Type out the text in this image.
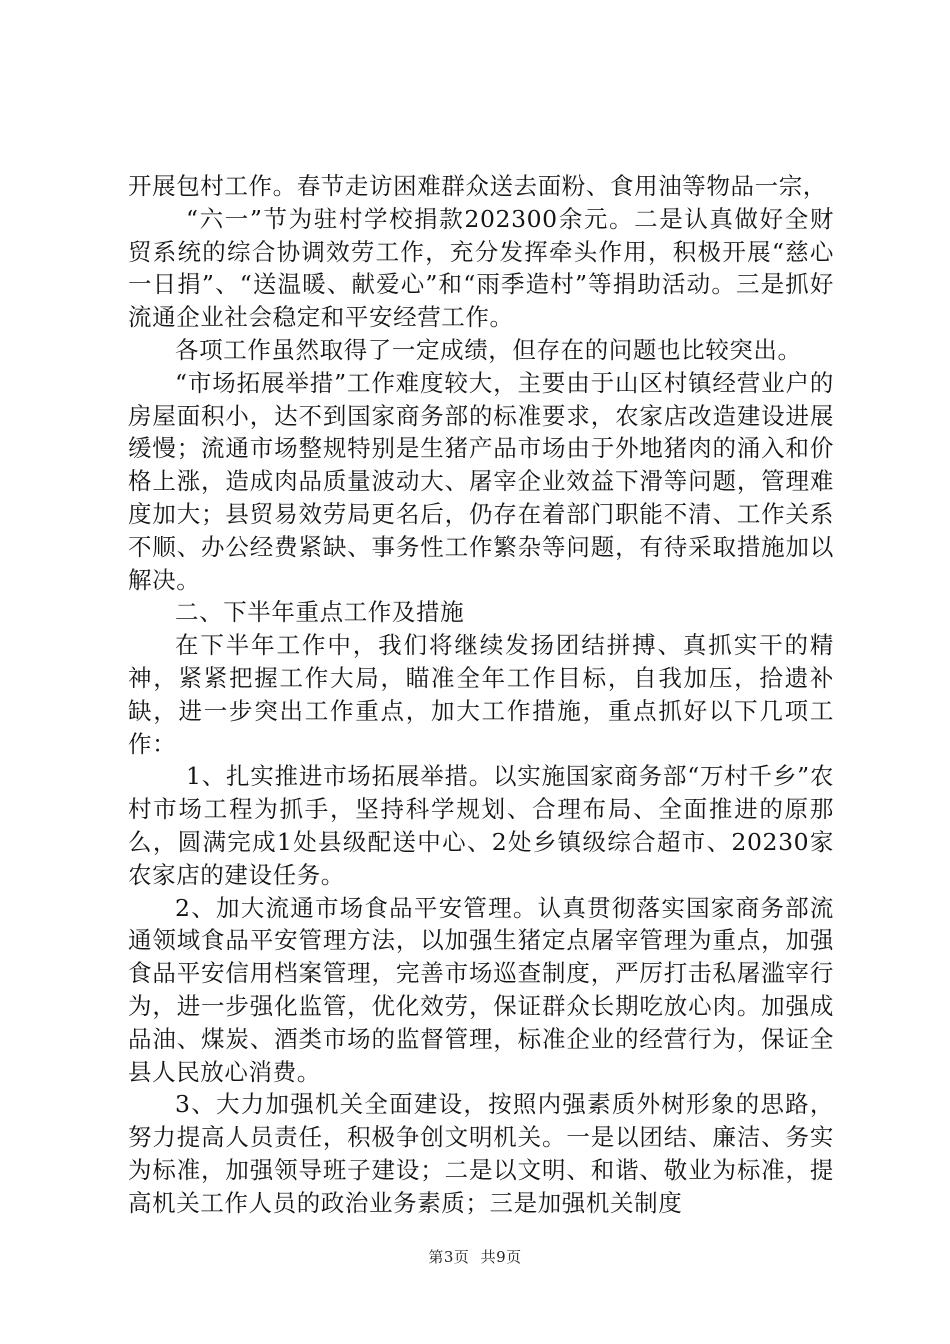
开展包村工作。春节走访困难群众送去面粉、食用油等物品一宗，

“六一”节为驻村学校捐款202300余元。二是认真做好全财贸系统的综合协调效劳工作，充分发挥牵头作用，积极开展“慈心一日捐”、“送温暖、献爱心”和“雨季造村”等捐助活动。三是抓好流通企业社会稳定和平安经营工作。

各项工作虽然取得了一定成绩，但存在的问题也比较突出。

“市场拓展举措”工作难度较大，主要由于山区村镇经营业户的房屋面积小，达不到国家商务部的标准要求，农家店改造建设进展缓慢；流通市场整规特别是生猪产品市场由于外地猪肉的涌入和价格上涨，造成肉品质量波动大、屠宰企业效益下滑等问题，管理难度加大；县贸易效劳局更名后，仍存在着部门职能不清、工作关系不顺、办公经费紧缺、事务性工作繁杂等问题，有待采取措施加以解决。

二、下半年重点工作及措施

在下半年工作中，我们将继续发扬团结拼搏、真抓实干的精神，紧紧把握工作大局，瞄准全年工作目标，自我加压，拾遗补缺，进一步突出工作重点，加大工作措施，重点抓好以下几项工作：

1、扎实推进市场拓展举措。以实施国家商务部“万村千乡”农村市场工程为抓手，坚持科学规划、合理布局、全面推进的原那么，圆满完成1处县级配送中心、2处乡镇级综合超市、20230家农家店的建设任务。

2、加大流通市场食品平安管理。认真贯彻落实国家商务部流通领域食品平安管理方法，以加强生猪定点屠宰管理为重点，加强食品平安信用档案管理，完善市场巡查制度，严厉打击私屠滥宰行为，进一步强化监管，优化效劳，保证群众长期吃放心肉。加强成品油、煤炭、酒类市场的监督管理，标准企业的经营行为，保证全县人民放心消费。

3、大力加强机关全面建设，按照内强素质外树形象的思路，努力提高人员责任，积极争创文明机关。一是以团结、廉洁、务实为标准，加强领导班子建设；二是以文明、和谐、敬业为标准，提高机关工作人员的政治业务素质；三是加强机关制度

第3页 共9页
